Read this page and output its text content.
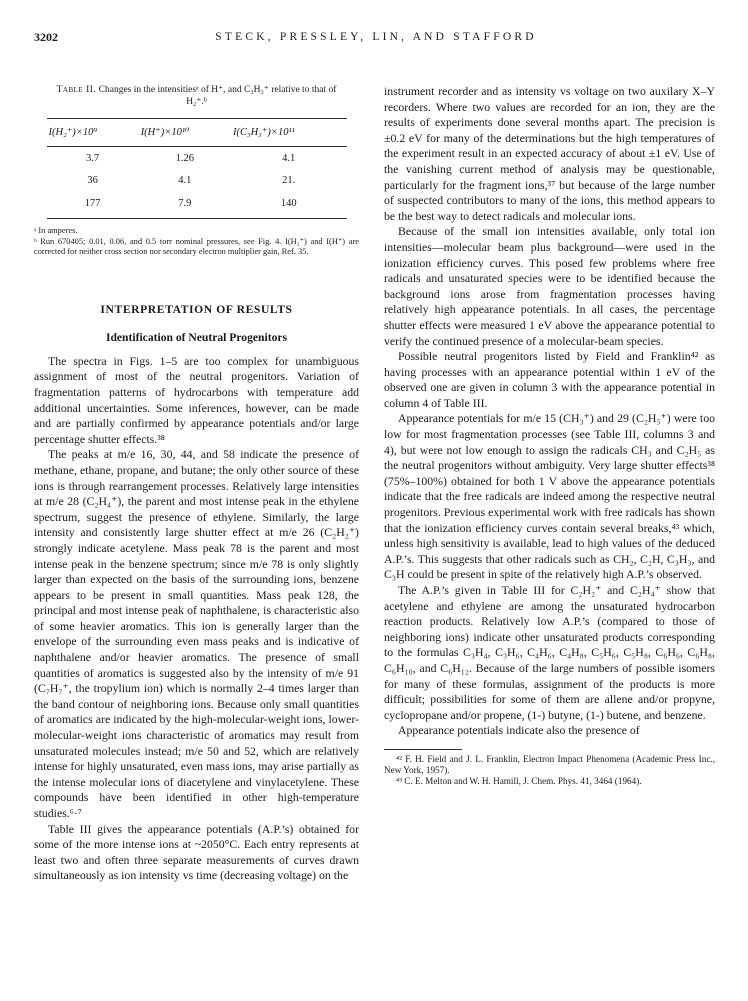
3202	STECK, PRESSLEY, LIN, AND STAFFORD
Table II. Changes in the intensitiesᵃ of H⁺, and C₃H₃⁺ relative to that of H₂⁺.ᵇ
I(H₂⁺)×10⁹	I(H⁺)×10¹⁰	I(C₃H₃⁺)×10¹¹
3.7	1.26	4.1
36	4.1	21.
177	7.9	140
ᵃ In amperes.
ᵇ Run 670405; 0.01, 0.06, and 0.5 torr nominal pressures, see Fig. 4. I(H₂⁺) and I(H⁺) are corrected for neither cross section nor secondary electron multiplier gain, Ref. 35.
INTERPRETATION OF RESULTS
Identification of Neutral Progenitors

The spectra in Figs. 1–5 are too complex for unambiguous assignment of most of the neutral progenitors. Variation of fragmentation patterns of hydrocarbons with temperature add additional uncertainties. Some inferences, however, can be made and are partially confirmed by appearance potentials and/or large percentage shutter effects.³⁸

The peaks at m/e 16, 30, 44, and 58 indicate the presence of methane, ethane, propane, and butane; the only other source of these ions is through rearrangement processes. Relatively large intensities at m/e 28 (C₂H₄⁺), the parent and most intense peak in the ethylene spectrum, suggest the presence of ethylene. Similarly, the large intensity and consistently large shutter effect at m/e 26 (C₂H₂⁺) strongly indicate acetylene. Mass peak 78 is the parent and most intense peak in the benzene spectrum; since m/e 78 is only slightly larger than expected on the basis of the surrounding ions, benzene appears to be present in small quantities. Mass peak 128, the principal and most intense peak of naphthalene, is characteristic also of some heavier aromatics. This ion is generally larger than the envelope of the surrounding even mass peaks and is indicative of naphthalene and/or heavier aromatics. The presence of small quantities of aromatics is suggested also by the intensity of m/e 91 (C₇H₇⁺, the tropylium ion) which is normally 2–4 times larger than the band contour of neighboring ions. Because only small quantities of aromatics are indicated by the high-molecular-weight ions, lower-molecular-weight ions characteristic of aromatics may result from unsaturated molecules instead; m/e 50 and 52, which are relatively intense for highly unsaturated, even mass ions, may arise partially as the intense molecular ions of diacetylene and vinylacetylene. These compounds have been identified in other high-temperature studies.⁶·⁷

Table III gives the appearance potentials (A.P.’s) obtained for some of the more intense ions at ~2050°C. Each entry represents at least two and often three separate measurements of curves drawn simultaneously as ion intensity vs time (decreasing voltage) on the

instrument recorder and as intensity vs voltage on two auxilary X–Y recorders. Where two values are recorded for an ion, they are the results of experiments done several months apart. The precision is ±0.2 eV for many of the determinations but the high temperatures of the experiment result in an expected accuracy of about ±1 eV. Use of the vanishing current method of analysis may be questionable, particularly for the fragment ions,³⁷ but because of the large number of suspected contributors to many of the ions, this method appears to be the best way to detect radicals and molecular ions.

Because of the small ion intensities available, only total ion intensities—molecular beam plus background—were used in the ionization efficiency curves. This posed few problems where free radicals and unsaturated species were to be identified because the background ions arose from fragmentation processes having relatively high appearance potentials. In all cases, the percentage shutter effects were measured 1 eV above the appearance potential to verify the continued presence of a molecular-beam species.

Possible neutral progenitors listed by Field and Franklin⁴² as having processes with an appearance potential within 1 eV of the observed one are given in column 3 with the appearance potential in column 4 of Table III.

Appearance potentials for m/e 15 (CH₃⁺) and 29 (C₂H₅⁺) were too low for most fragmentation processes (see Table III, columns 3 and 4), but were not low enough to assign the radicals CH₃ and C₂H₅ as the neutral progenitors without ambiguity. Very large shutter effects³⁸ (75%–100%) obtained for both 1 V above the appearance potentials indicate that the free radicals are indeed among the respective neutral progenitors. Previous experimental work with free radicals has shown that the ionization efficiency curves contain several breaks,⁴³ which, unless high sensitivity is available, lead to high values of the deduced A.P.’s. This suggests that other radicals such as CH₂, C₂H, C₃H₃, and C₃H could be present in spite of the relatively high A.P.’s observed.

The A.P.’s given in Table III for C₂H₂⁺ and C₂H₄⁺ show that acetylene and ethylene are among the unsaturated hydrocarbon reaction products. Relatively low A.P.’s (compared to those of neighboring ions) indicate other unsaturated products corresponding to the formulas C₃H₄, C₃H₆, C₄H₆, C₄H₈, C₅H₆, C₅H₈, C₆H₆, C₆H₈, C₆H₁₀, and C₆H₁₂. Because of the large numbers of possible isomers for many of these formulas, assignment of the products is more difficult; possibilities for some of them are allene and/or propyne, cyclopropane and/or propene, (1-) butyne, (1-) butene, and benzene.

Appearance potentials indicate also the presence of

⁴² F. H. Field and J. L. Franklin, Electron Impact Phenomena (Academic Press Inc., New York, 1957).

⁴³ C. E. Melton and W. H. Hamill, J. Chem. Phys. 41, 3464 (1964).
